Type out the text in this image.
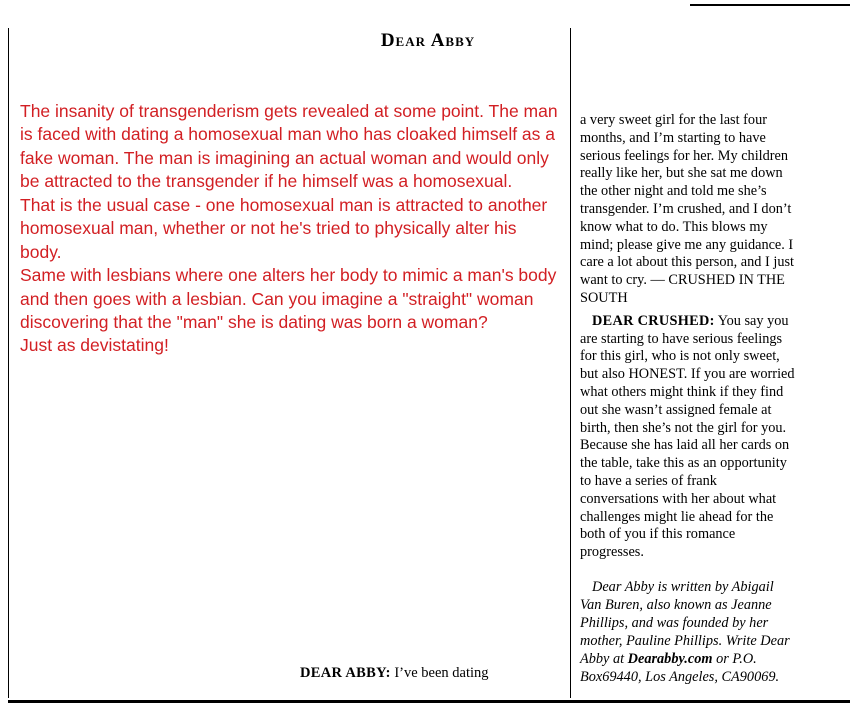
Dear Abby

The insanity of transgenderism gets revealed at some point. The man is faced with dating a homosexual man who has cloaked himself as a fake woman. The man is imagining an actual woman and would only be attracted to the transgender if he himself was a homosexual.

That is the usual case - one homosexual man is attracted to another homosexual man, whether or not he's tried to physically alter his body.

Same with lesbians where one alters her body to mimic a man's body and then goes with a lesbian. Can you imagine a "straight" woman discovering that the "man" she is dating was born a woman?

Just as devistating!

DEAR ABBY: I’ve been dating

a very sweet girl for the last four months, and I’m starting to have serious feelings for her. My children really like her, but she sat me down the other night and told me she’s transgender. I’m crushed, and I don’t know what to do. This blows my mind; please give me any guidance. I care a lot about this person, and I just want to cry. — CRUSHED IN THE SOUTH

DEAR CRUSHED: You say you are starting to have serious feelings for this girl, who is not only sweet, but also HONEST. If you are worried what others might think if they find out she wasn’t assigned female at birth, then she’s not the girl for you. Because she has laid all her cards on the table, take this as an opportunity to have a series of frank conversations with her about what challenges might lie ahead for the both of you if this romance progresses.

Dear Abby is written by Abigail Van Buren, also known as Jeanne Phillips, and was founded by her mother, Pauline Phillips. Write Dear Abby at Dearabby.com or P.O. Box69440, Los Angeles, CA90069.
